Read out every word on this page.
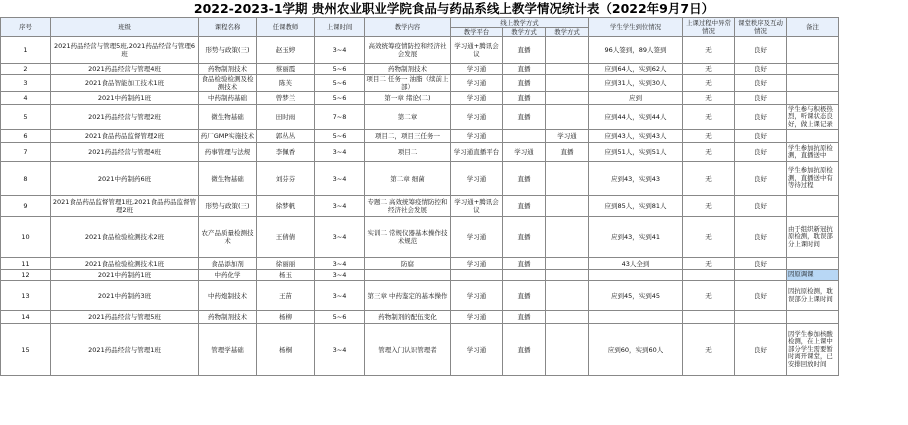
2022-2023-1学期 贵州农业职业学院食品与药品系线上教学情况统计表（2022年9月7日）
序号	班级	课程名称	任课教师	上课时间	教学内容	线上教学方式			学生学生到位情况	上课过程中异常情况	课堂秩序及互动情况	备注
						教学平台	教学方式	教学方式				
1	2021药品经营与管理5班,2021药品经营与管理6班	形势与政策(三)	赵玉婷	3~4	高效统筹疫情防控和经济社会发展	学习通+腾讯会议	直播		96人签到，89人签到	无	良好	
2	2021药品经营与管理4班	药物制剂技术	蔡丽霞	5~6	药物制剂技术	学习通	直播		应到64人，实到62人	无	良好	
3	2021食品智能加工技术1班	食品检验检测及检测技术	陈芙	5~6	项目二 任务一 油脂（续前上部）	学习通	直播		应到31人，实到30人	无	良好	
4	2021中药制药1班	中药制药基础	曾梦兰	5~6	第一章 绪论(二)	学习通	直播		应到	无	良好	
5	2021药品经营与管理2班	微生物基础	田时雨	7~8	第二章	学习通	直播		应到44人，实到44人	无	良好	学生参与积极热烈，听课状态良好，做上课记录
6	2021食品药品监督管理2班	药厂GMP实施技术	郭丛丛	5~6	项目二，项目三任务一	学习通		学习通	应到43人，实到43人	无	良好	
7	2021药品经营与管理4班	药事管理与法规	李佩香	3~4	项目二	学习通直播平台	学习通	直播	应到51人，实到51人	无	良好	学生参加抗原检测，直播送中
8	2021中药制药6班	微生物基础	刘芬芬	3~4	第二章 细菌	学习通	直播		应到43，实到43	无	良好	学生参加抗原检测，直播送中有等待过程
9	2021食品药品监督管理1班,2021食品药品监督管理2班	形势与政策(三)	徐梦帆	3~4	专题二 高效统筹疫情防控和经济社会发展	学习通+腾讯会议	直播		应到85人，实到81人	无	良好	
10	2021食品检验检测技术2班	农产品质量检测技术	王倩倩	3~4	实训二 常规仪器基本操作技术规范	学习通	直播		应到43，实到41	无	良好	由于组织新冠抗原检测，耽误部分上课时间
11	2021食品检验检测技术1班	食品添加剂	徐丽丽	3~4	防腐	学习通	直播		43人全到	无	良好	
12	2021中药制药1班	中药化学	杨玉	3~4								因原调课
13	2021中药制药3班	中药炮制技术	王苗	3~4	第三章 中药鉴定的基本操作	学习通	直播		应到45，实到45	无	良好	因抗原检测，耽误部分上课时间
14	2021药品经营与管理5班	药物制剂技术	杨柳	5~6	药物制剂的配伍变化	学习通	直播					
15	2021药品经营与管理1班	管理学基础	杨桐	3~4	管理入门认识管理者	学习通	直播		应到60，实到60人	无	良好	因学生参加核酸检测，在上课中部分学生需要暂时离开课堂，已安排回放时间
